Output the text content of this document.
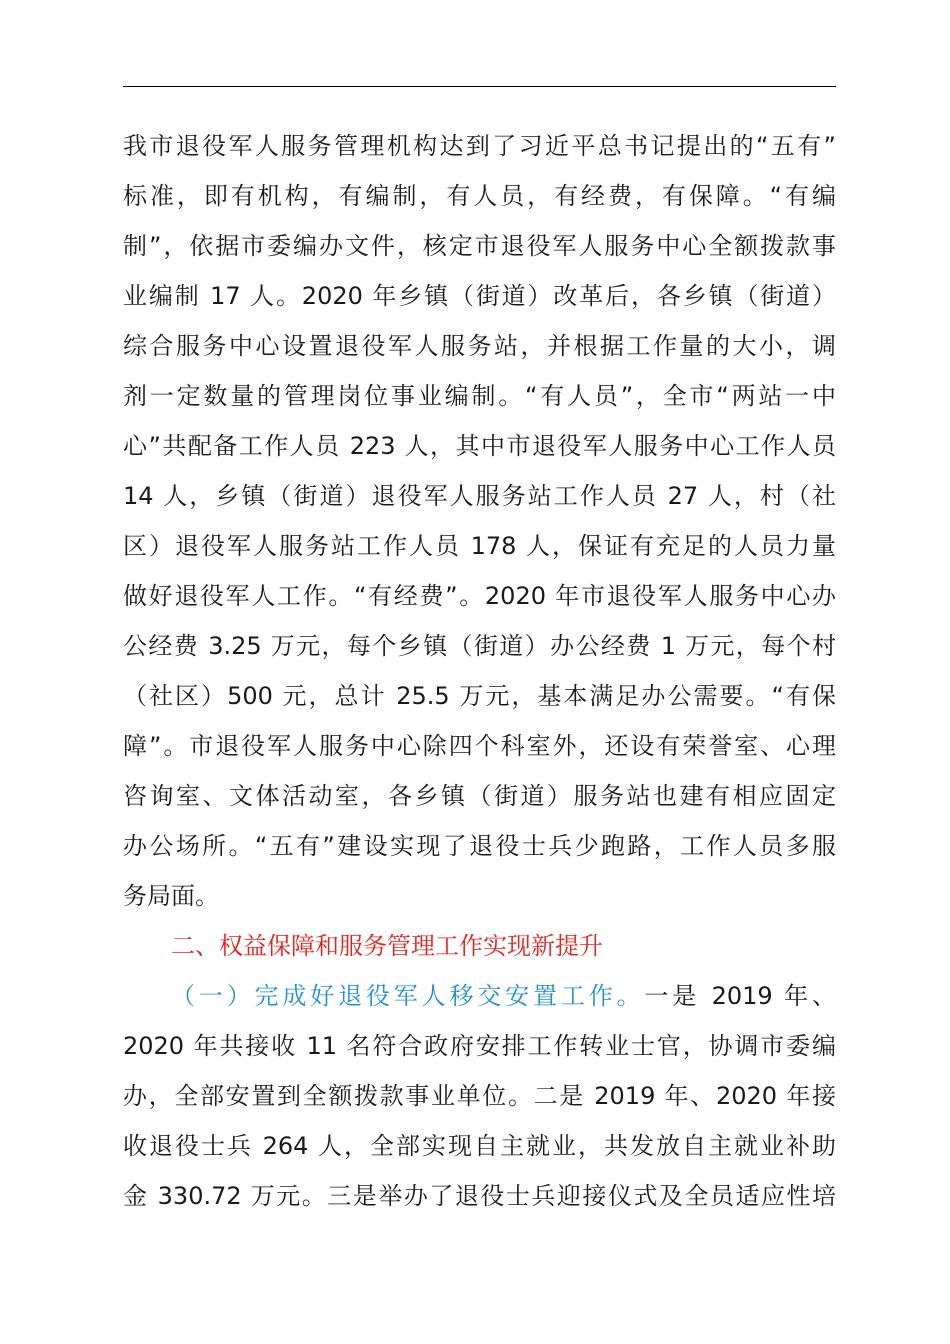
我市退役军人服务管理机构达到了习近平总书记提出的“五有”
标准，即有机构，有编制，有人员，有经费，有保障。“有编
制”，依据市委编办文件，核定市退役军人服务中心全额拨款事
业编制 17 人。2020 年乡镇（街道）改革后，各乡镇（街道）
综合服务中心设置退役军人服务站，并根据工作量的大小，调
剂一定数量的管理岗位事业编制。“有人员”，全市“两站一中
心”共配备工作人员 223 人，其中市退役军人服务中心工作人员
14 人，乡镇（街道）退役军人服务站工作人员 27 人，村（社
区）退役军人服务站工作人员 178 人，保证有充足的人员力量
做好退役军人工作。“有经费”。2020 年市退役军人服务中心办
公经费 3.25 万元，每个乡镇（街道）办公经费 1 万元，每个村
（社区）500 元，总计 25.5 万元，基本满足办公需要。“有保
障”。市退役军人服务中心除四个科室外，还设有荣誉室、心理
咨询室、文体活动室，各乡镇（街道）服务站也建有相应固定
办公场所。“五有”建设实现了退役士兵少跑路，工作人员多服
务局面。
二、权益保障和服务管理工作实现新提升
（一）完成好退役军人移交安置工作。一是 2019 年、
2020 年共接收 11 名符合政府安排工作转业士官，协调市委编
办，全部安置到全额拨款事业单位。二是 2019 年、2020 年接
收退役士兵 264 人，全部实现自主就业，共发放自主就业补助
金 330.72 万元。三是举办了退役士兵迎接仪式及全员适应性培
